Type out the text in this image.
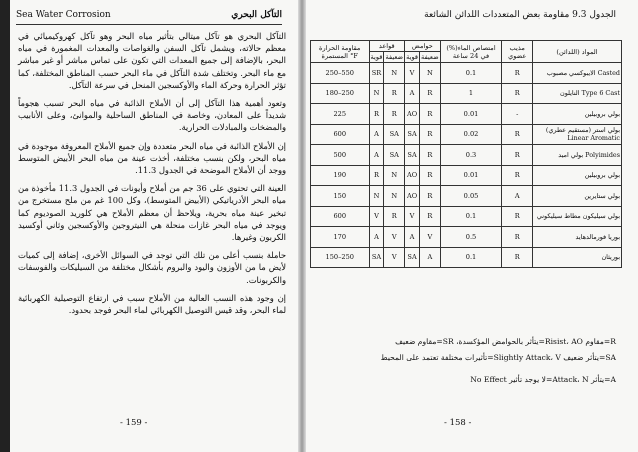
Sea Water Corrosion	التآكل البحري

التآكل البحري هو تآكل ميتالي بتأثير مياه البحر وهو تآكل كهروكيميائي في معظم حالاته، ويشمل تآكل السفن والغواصات والمعدات المغمورة في مياه البحر، بالإضافة إلى جميع المعدات التي تكون على تماس مباشر أو غير مباشر مع ماء البحر. وتختلف شدة التآكل في ماء البحر حسب المناطق المختلفة، كما تؤثر الحرارة وحركة الماء والأوكسجين المنحل في سرعة التآكل.

وتعود أهمية هذا التآكل إلى أن الأملاح الذائبة في مياه البحر تسبب هجوماً شديداً على المعادن، وخاصة في المناطق الساحلية والموانئ، وعلى الأنابيب والمضخات والمبادلات الحرارية.

إن الأملاح الذائبة في مياه البحر متعددة وإن جميع الأملاح المعروفة موجودة في مياه البحر، ولكن بنسب مختلفة، أخذت عينة من مياه البحر الأبيض المتوسط ووجد أن الأملاح الموضحة في الجدول 11.3.

العينة التي تحتوي على 36 جم من أملاح وأيونات في الجدول 11.3 مأخوذة من مياه البحر الأدرياتيكي (الأبيض المتوسط)، وكل 100 غم من ملح مستخرج من تبخير عينة مياه بحرية، ويلاحظ أن معظم الأملاح هي كلوريد الصوديوم كما ويوجد في مياه البحر غازات منحلة هي النيتروجين والأوكسجين وثاني أوكسيد الكربون وغيرها.

حاملة بنسب أعلى من تلك التي توجد في السوائل الأخرى، إضافة إلى كميات لأيض ما من الأوزون واليود والبروم بأشكال مختلفة من السيليكات والفوسفات والكربونات.

إن وجود هذه النسب العالية من الأملاح سبب في ارتفاع التوصيلية الكهربائية لماء البحر، وقد قيس التوصيل الكهربائي لماء البحر فوجد بحدود.

- 159 -
الجدول 9.3 مقاومة بعض المتعددات اللدائن الشائعة
مقاومة الحرارة المستمرة °F	قواعد		حوامض		امتصاص الماء(%) في 24 ساعة	مذيب عضوي	المواد (اللدائن)
	قوية	ضعيفة	قوية	ضعيفة			
250–550	SR	N	V	N	0.1	R	الايبوكسي مصبوب Casted
180–250	N	R	A	R	1	R	النايلون Type 6 Cast
225	R	R	AO	R	0.01	-	بولي بروبيلين
600	A	SA	SA	R	0.02	R	بولي استر (مستقيم عطري) Linear Aromatic
500	A	SA	SA	R	0.3	R	بولي اميد Polyimides
190	R	N	AO	R	0.01	R	بولي بروبيلين
150	N	N	AO	R	0.05	A	بولي ستايرين
600	V	R	V	R	0.1	R	بولي سيليكون مطاط سيليكوني
170	A	V	A	V	0.5	R	بوريا فورمالدهايد
150–250	SA	V	SA	A	0.1	R	بوريثان
R=مقاوم Risist، AO=يتأثر بالحوامض المؤكسدة، SR=مقاوم ضعيف
SA=يتأثر ضعيف Slightly Attack، V=تأثيرات مختلفة تعتمد على المحيط
A=يتأثر Attack، N=لا يوجد تأثير No Effect
- 158 -
